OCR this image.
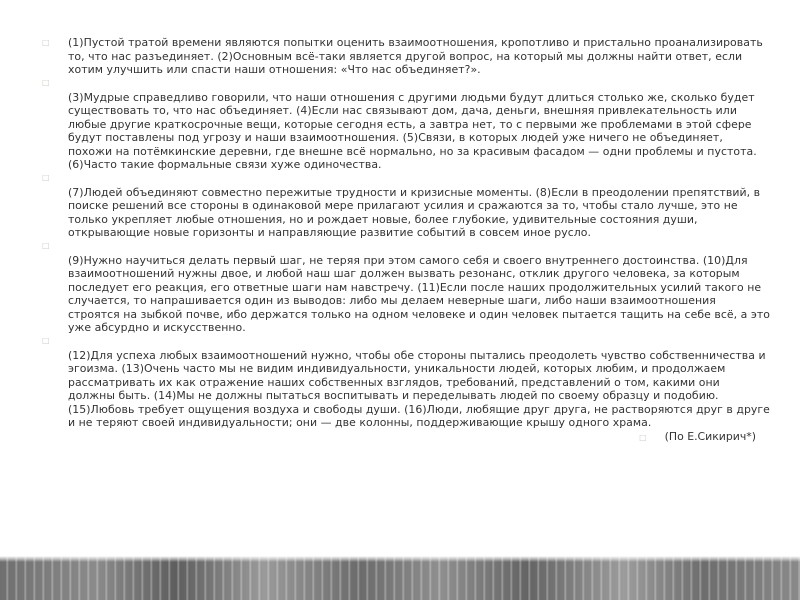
□ (1)Пустой тратой времени являются попытки оценить взаимоотношения, кропотливо и пристально проанализировать то, что нас разъединяет. (2)Основным всё-таки является другой вопрос, на который мы должны найти ответ, если хотим улучшить или спасти наши отношения: «Что нас объединяет?».
□
(3)Мудрые справедливо говорили, что наши отношения с другими людьми будут длиться столько же, сколько будет существовать то, что нас объединяет. (4)Если нас связывают дом, дача, деньги, внешняя привлекательность или любые другие краткосрочные вещи, которые сегодня есть, а завтра нет, то с первыми же проблемами в этой сфере будут поставлены под угрозу и наши взаимоотношения. (5)Связи, в которых людей уже ничего не объединяет, похожи на потёмкинские деревни, где внешне всё нормально, но за красивым фасадом — одни проблемы и пустота. (6)Часто такие формальные связи хуже одиночества.
□
(7)Людей объединяют совместно пережитые трудности и кризисные моменты. (8)Если в преодолении препятствий, в поиске решений все стороны в одинаковой мере прилагают усилия и сражаются за то, чтобы стало лучше, это не только укрепляет любые отношения, но и рождает новые, более глубокие, удивительные состояния души, открывающие новые горизонты и направляющие развитие событий в совсем иное русло.
□
(9)Нужно научиться делать первый шаг, не теряя при этом самого себя и своего внутреннего достоинства. (10)Для взаимоотношений нужны двое, и любой наш шаг должен вызвать резонанс, отклик другого человека, за которым последует его реакция, его ответные шаги нам навстречу. (11)Если после наших продолжительных усилий такого не случается, то напрашивается один из выводов: либо мы делаем неверные шаги, либо наши взаимоотношения строятся на зыбкой почве, ибо держатся только на одном человеке и один человек пытается тащить на себе всё, а это уже абсурдно и искусственно.
□
(12)Для успеха любых взаимоотношений нужно, чтобы обе стороны пытались преодолеть чувство собственничества и эгоизма. (13)Очень часто мы не видим индивидуальности, уникальности людей, которых любим, и продолжаем рассматривать их как отражение наших собственных взглядов, требований, представлений о том, какими они должны быть. (14)Мы не должны пытаться воспитывать и переделывать людей по своему образцу и подобию. (15)Любовь требует ощущения воздуха и свободы души. (16)Люди, любящие друг друга, не растворяются друг в друге и не теряют своей индивидуальности; они — две колонны, поддерживающие крышу одного храма.
□ (По Е.Сикирич*)
